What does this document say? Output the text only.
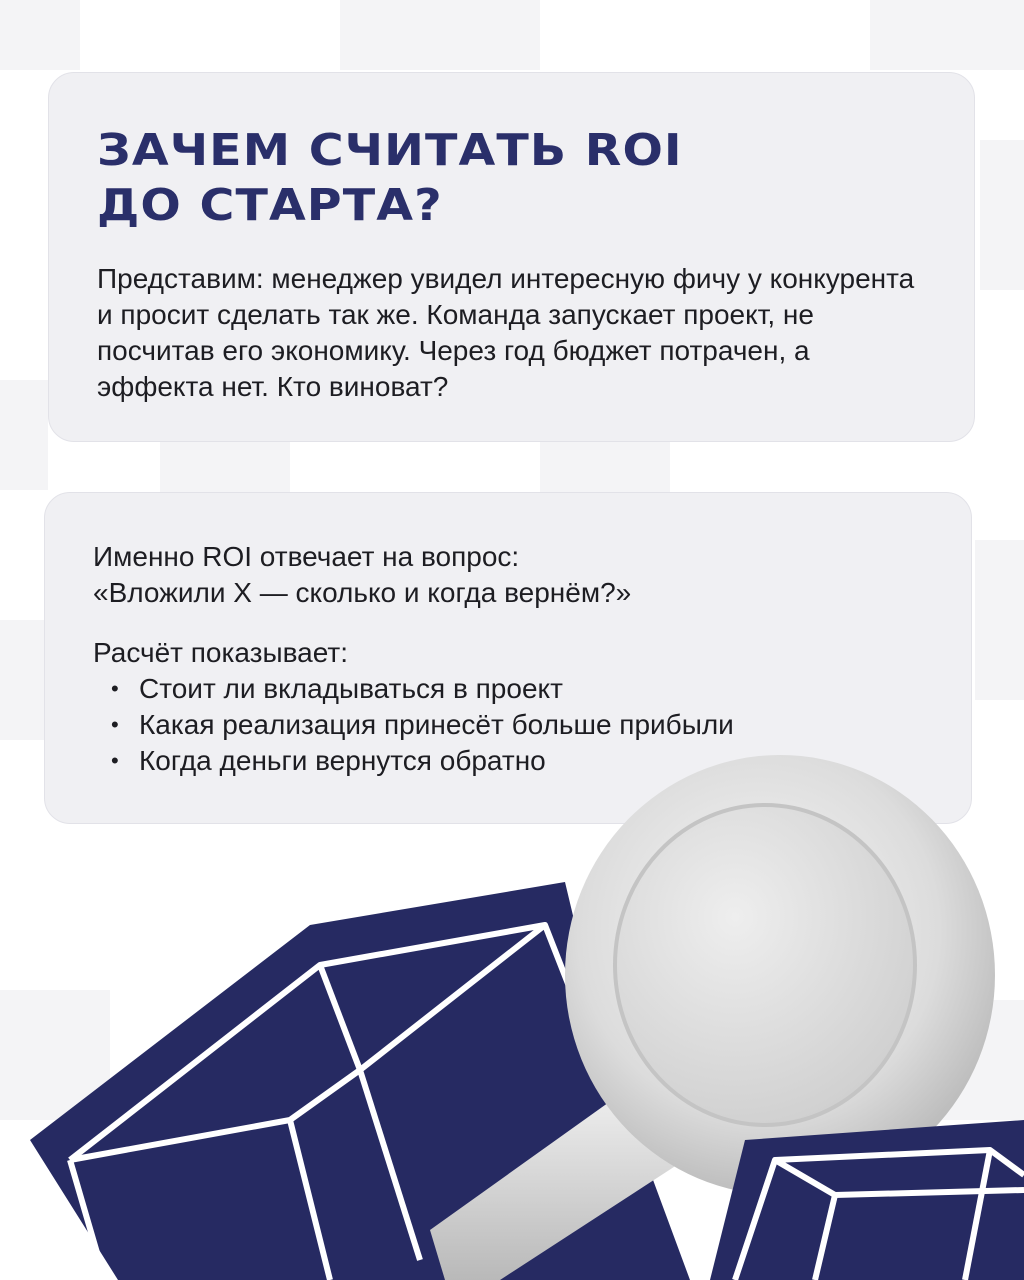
ЗАЧЕМ СЧИТАТЬ ROI
ДО СТАРТА?

Представим: менеджер увидел интересную фичу у конкурента и просит сделать так же. Команда запускает проект, не посчитав его экономику. Через год бюджет потрачен, а эффекта нет. Кто виноват?

Именно ROI отвечает на вопрос:
«Вложили X — сколько и когда вернём?»

Расчёт показывает:

• Стоит ли вкладываться в проект
• Какая реализация принесёт больше прибыли
• Когда деньги вернутся обратно
